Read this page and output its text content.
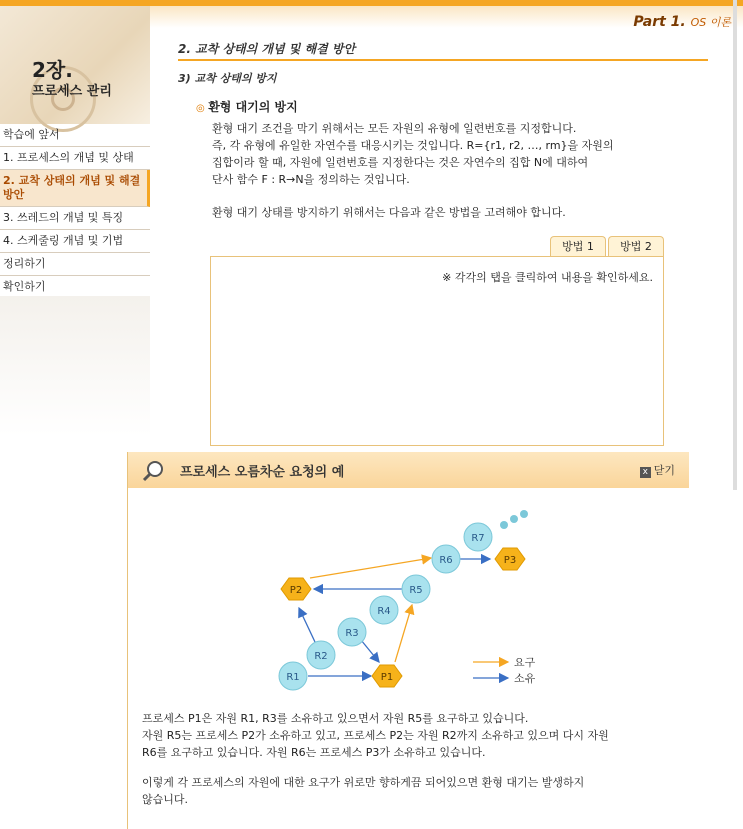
Part 1. OS 이론
2장.
프로세스 관리
학습에 앞서
1. 프로세스의 개념 및 상태
2. 교착 상태의 개념 및 해결 방안
3. 쓰레드의 개념 및 특징
4. 스케줄링 개념 및 기법
정리하기
확인하기
2. 교착 상태의 개념 및 해결 방안
3) 교착 상태의 방지
◎ 환형 대기의 방지
환형 대기 조건을 막기 위해서는 모든 자원의 유형에 일련번호를 지정합니다.
즉, 각 유형에 유일한 자연수를 대응시키는 것입니다. R={r1, r2, …, rm}을 자원의
집합이라 할 때, 자원에 일련번호를 지정한다는 것은 자연수의 집합 N에 대하여
단사 함수 F : R→N을 정의하는 것입니다.
환형 대기 상태를 방지하기 위해서는 다음과 같은 방법을 고려해야 합니다.
방법 1	방법 2
※ 각각의 탭을 클릭하여 내용을 확인하세요.
프로세스 오름차순 요청의 예	x 닫기
R1
R2
R3
R4
R5
R6
R7
P1
P2
P3
요구
소유
프로세스 P1은 자원 R1, R3를 소유하고 있으면서 자원 R5를 요구하고 있습니다.
자원 R5는 프로세스 P2가 소유하고 있고, 프로세스 P2는 자원 R2까지 소유하고 있으며 다시 자원
R6를 요구하고 있습니다. 자원 R6는 프로세스 P3가 소유하고 있습니다.
이렇게 각 프로세스의 자원에 대한 요구가 위로만 향하게끔 되어있으면 환형 대기는 발생하지
않습니다.
